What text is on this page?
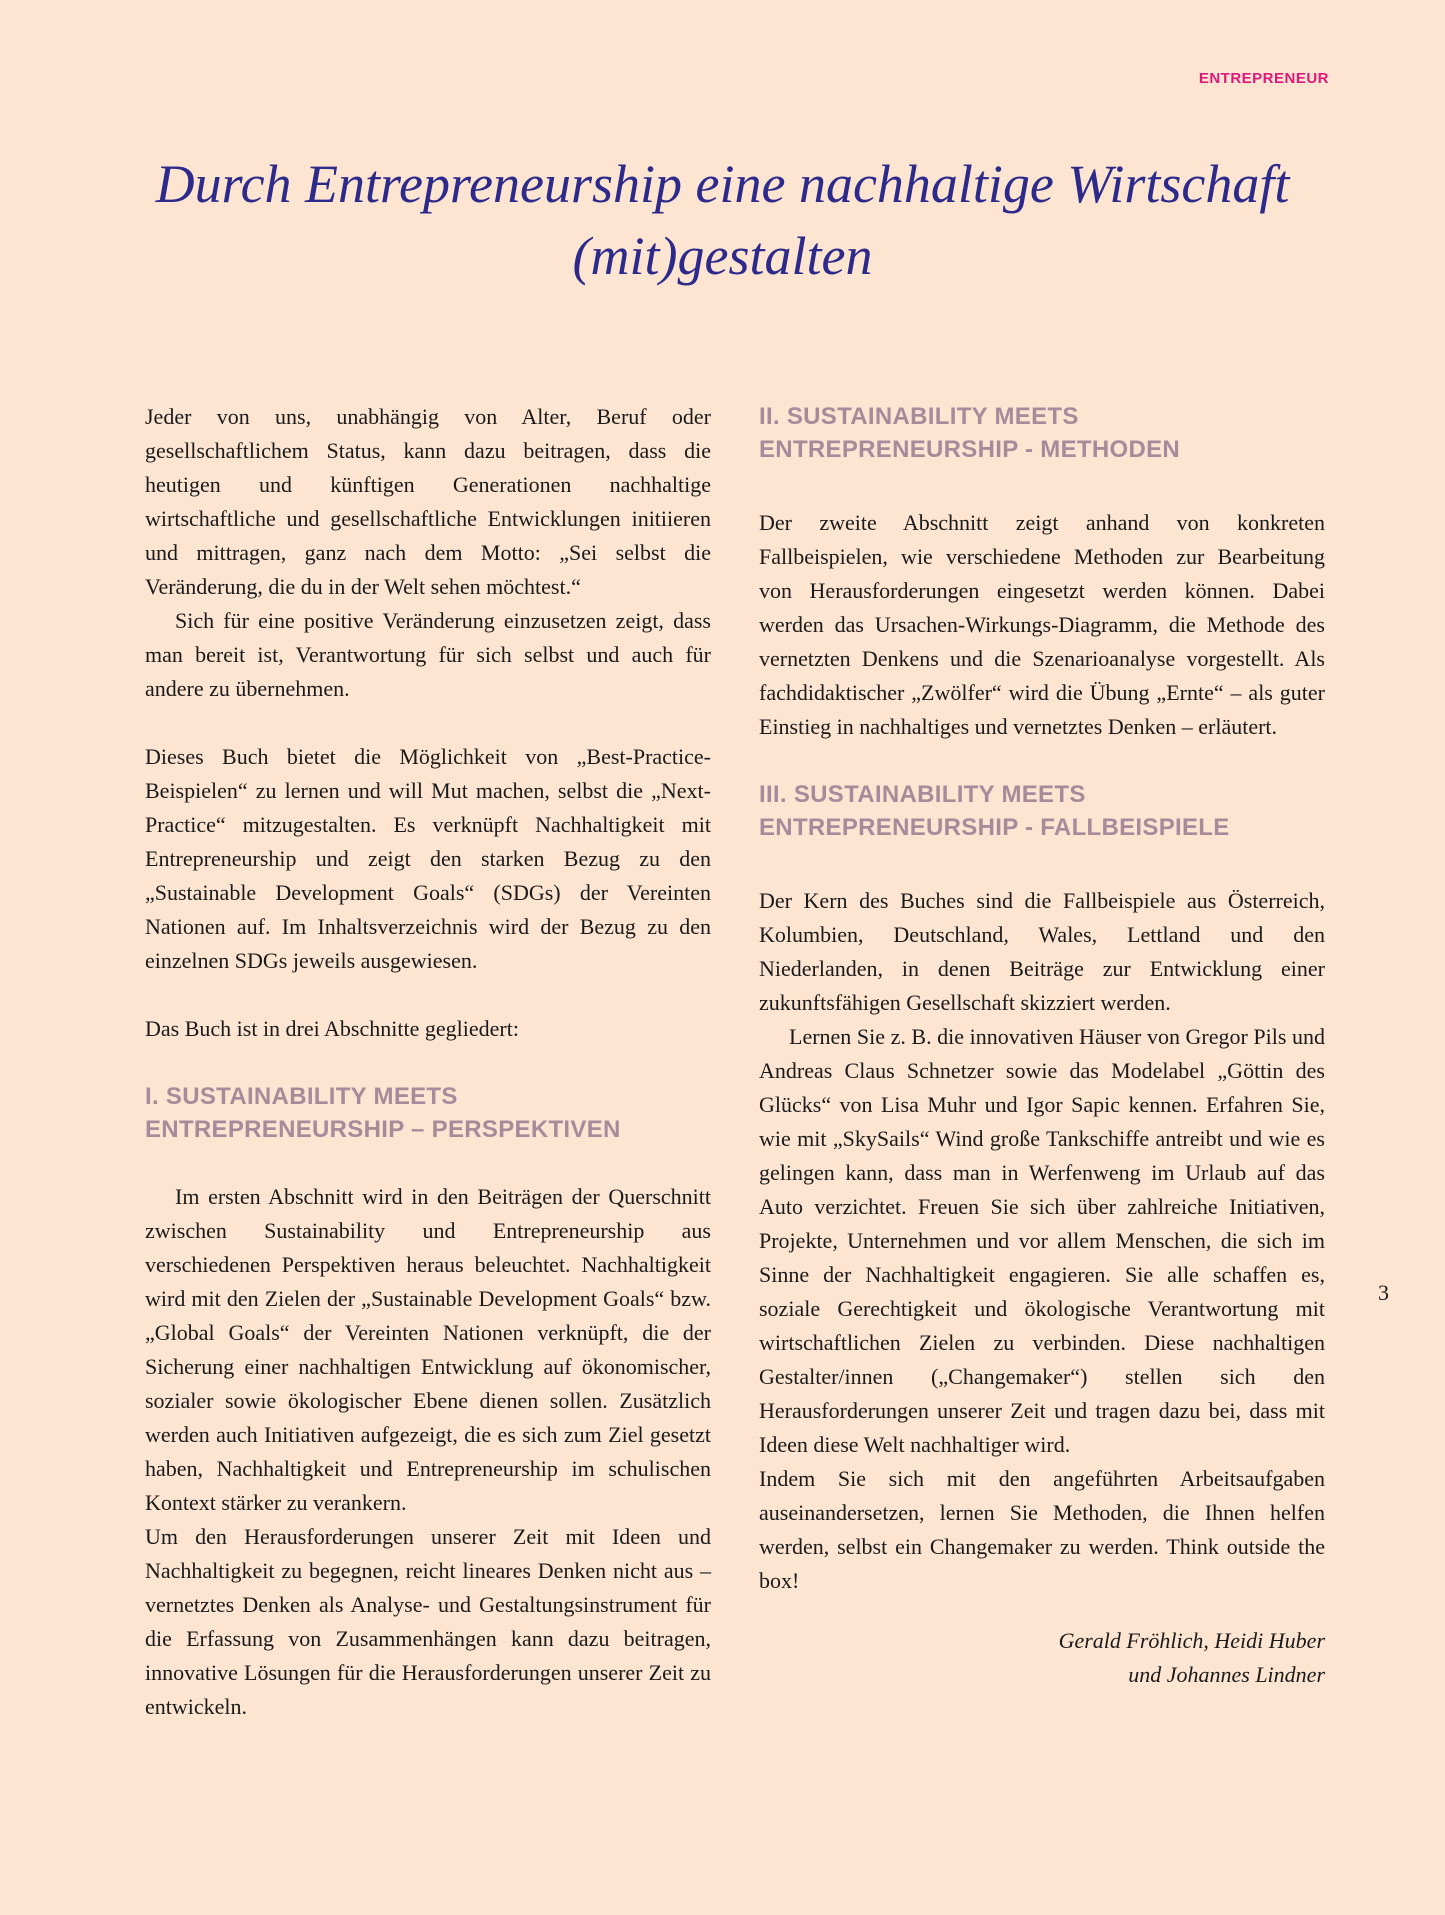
ENTREPRENEUR
Durch Entrepreneurship eine nachhaltige Wirtschaft
(mit)gestalten

Jeder von uns, unabhängig von Alter, Beruf oder gesellschaftlichem Status, kann dazu beitragen, dass die heutigen und künftigen Generationen nachhaltige wirtschaftliche und gesellschaftliche Entwicklungen initiieren und mittragen, ganz nach dem Motto: „Sei selbst die Veränderung, die du in der Welt sehen möchtest.“

Sich für eine positive Veränderung einzusetzen zeigt, dass man bereit ist, Verantwortung für sich selbst und auch für andere zu übernehmen.

Dieses Buch bietet die Möglichkeit von „Best-Practice-Beispielen“ zu lernen und will Mut machen, selbst die „Next-Practice“ mitzugestalten. Es verknüpft Nachhaltigkeit mit Entrepreneurship und zeigt den starken Bezug zu den „Sustainable Development Goals“ (SDGs) der Vereinten Nationen auf. Im Inhaltsverzeichnis wird der Bezug zu den einzelnen SDGs jeweils ausgewiesen.

Das Buch ist in drei Abschnitte gegliedert:

I. SUSTAINABILITY MEETS
ENTREPRENEURSHIP – PERSPEKTIVEN

Im ersten Abschnitt wird in den Beiträgen der Querschnitt zwischen Sustainability und Entrepreneurship aus verschiedenen Perspektiven heraus beleuchtet. Nachhaltigkeit wird mit den Zielen der „Sustainable Development Goals“ bzw. „Global Goals“ der Vereinten Nationen verknüpft, die der Sicherung einer nachhaltigen Entwicklung auf ökonomischer, sozialer sowie ökologischer Ebene dienen sollen. Zusätzlich werden auch Initiativen aufgezeigt, die es sich zum Ziel gesetzt haben, Nachhaltigkeit und Entrepreneurship im schulischen Kontext stärker zu verankern.

Um den Herausforderungen unserer Zeit mit Ideen und Nachhaltigkeit zu begegnen, reicht lineares Denken nicht aus – vernetztes Denken als Analyse- und Gestaltungsinstrument für die Erfassung von Zusammenhängen kann dazu beitragen, innovative Lösungen für die Herausforderungen unserer Zeit zu entwickeln.

II. SUSTAINABILITY MEETS
ENTREPRENEURSHIP - METHODEN

Der zweite Abschnitt zeigt anhand von konkreten Fallbeispielen, wie verschiedene Methoden zur Bearbeitung von Herausforderungen eingesetzt werden können. Dabei werden das Ursachen-Wirkungs-Diagramm, die Methode des vernetzten Denkens und die Szenarioanalyse vorgestellt. Als fachdidaktischer „Zwölfer“ wird die Übung „Ernte“ – als guter Einstieg in nachhaltiges und vernetztes Denken – erläutert.

III. SUSTAINABILITY MEETS
ENTREPRENEURSHIP - FALLBEISPIELE

Der Kern des Buches sind die Fallbeispiele aus Österreich, Kolumbien, Deutschland, Wales, Lettland und den Niederlanden, in denen Beiträge zur Entwicklung einer zukunftsfähigen Gesellschaft skizziert werden.

Lernen Sie z. B. die innovativen Häuser von Gregor Pils und Andreas Claus Schnetzer sowie das Modelabel „Göttin des Glücks“ von Lisa Muhr und Igor Sapic kennen. Erfahren Sie, wie mit „SkySails“ Wind große Tankschiffe antreibt und wie es gelingen kann, dass man in Werfenweng im Urlaub auf das Auto verzichtet. Freuen Sie sich über zahlreiche Initiativen, Projekte, Unternehmen und vor allem Menschen, die sich im Sinne der Nachhaltigkeit engagieren. Sie alle schaffen es, soziale Gerechtigkeit und ökologische Verantwortung mit wirtschaftlichen Zielen zu verbinden. Diese nachhaltigen Gestalter/innen („Changemaker“) stellen sich den Herausforderungen unserer Zeit und tragen dazu bei, dass mit Ideen diese Welt nachhaltiger wird.

Indem Sie sich mit den angeführten Arbeitsaufgaben auseinandersetzen, lernen Sie Methoden, die Ihnen helfen werden, selbst ein Changemaker zu werden. Think outside the box!

Gerald Fröhlich, Heidi Huber
und Johannes Lindner
3
